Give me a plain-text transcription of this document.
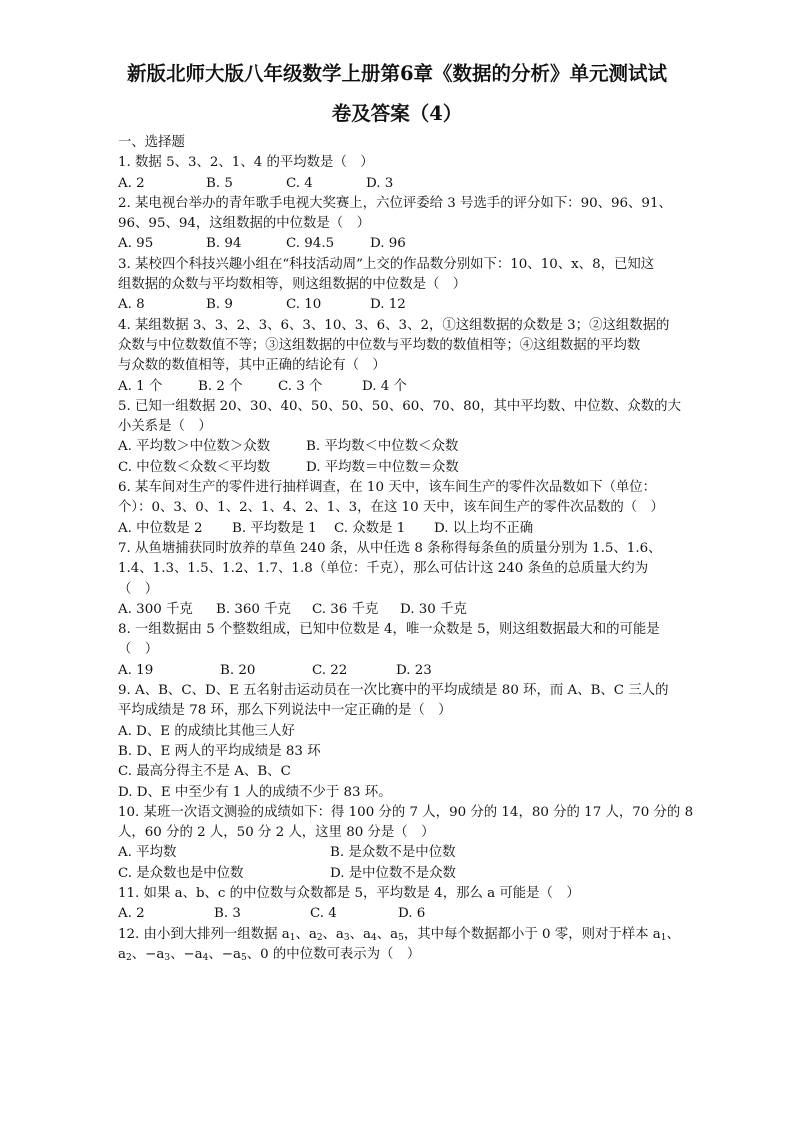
新版北师大版八年级数学上册第6章《数据的分析》单元测试试
卷及答案（4）
一、选择题
1. 数据 5、3、2、1、4 的平均数是（　）
A. 2	B. 5	C. 4	D. 3
2. 某电视台举办的青年歌手电视大奖赛上，六位评委给 3 号选手的评分如下：90、96、91、
96、95、94，这组数据的中位数是（　）
A. 95	B. 94	C. 94.5	D. 96
3. 某校四个科技兴趣小组在“科技活动周”上交的作品数分别如下：10、10、x、8，已知这
组数据的众数与平均数相等，则这组数据的中位数是（　）
A. 8	B. 9	C. 10	D. 12
4. 某组数据 3、3、2、3、6、3、10、3、6、3、2，①这组数据的众数是 3；②这组数据的
众数与中位数数值不等；③这组数据的中位数与平均数的数值相等；④这组数据的平均数
与众数的数值相等，其中正确的结论有（　）
A. 1 个	B. 2 个	C. 3 个	D. 4 个
5. 已知一组数据 20、30、40、50、50、50、60、70、80，其中平均数、中位数、众数的大
小关系是（　）
A. 平均数＞中位数＞众数	B. 平均数＜中位数＜众数
C. 中位数＜众数＜平均数	D. 平均数＝中位数＝众数
6. 某车间对生产的零件进行抽样调查，在 10 天中，该车间生产的零件次品数如下（单位：
个）：0、3、0、1、2、1、4、2、1、3，在这 10 天中，该车间生产的零件次品数的（　）
A. 中位数是 2 B. 平均数是 1 C. 众数是 1 D. 以上均不正确
7. 从鱼塘捕获同时放养的草鱼 240 条，从中任选 8 条称得每条鱼的质量分别为 1.5、1.6、
1.4、1.3、1.5、1.2、1.7、1.8（单位：千克），那么可估计这 240 条鱼的总质量大约为
（　）
A. 300 千克 B. 360 千克 C. 36 千克 D. 30 千克
8. 一组数据由 5 个整数组成，已知中位数是 4，唯一众数是 5，则这组数据最大和的可能是
（　）
A. 19	B. 20	C. 22	D. 23
9. A、B、C、D、E 五名射击运动员在一次比赛中的平均成绩是 80 环，而 A、B、C 三人的
平均成绩是 78 环，那么下列说法中一定正确的是（　）
A. D、E 的成绩比其他三人好
B. D、E 两人的平均成绩是 83 环
C. 最高分得主不是 A、B、C
D. D、E 中至少有 1 人的成绩不少于 83 环。
10. 某班一次语文测验的成绩如下：得 100 分的 7 人，90 分的 14，80 分的 17 人，70 分的 8
人，60 分的 2 人，50 分 2 人，这里 80 分是（　）
A. 平均数	B. 是众数不是中位数
C. 是众数也是中位数	D. 是中位数不是众数
11. 如果 a、b、c 的中位数与众数都是 5，平均数是 4，那么 a 可能是（　）
A. 2	B. 3	C. 4	D. 6
12. 由小到大排列一组数据 $a_1$、$a_2$、$a_3$、$a_4$、$a_5$，其中每个数据都小于 0 零，则对于样本 $a_1$、
$a_2$、$-a_3$、$-a_4$、$-a_5$、0 的中位数可表示为（　）
